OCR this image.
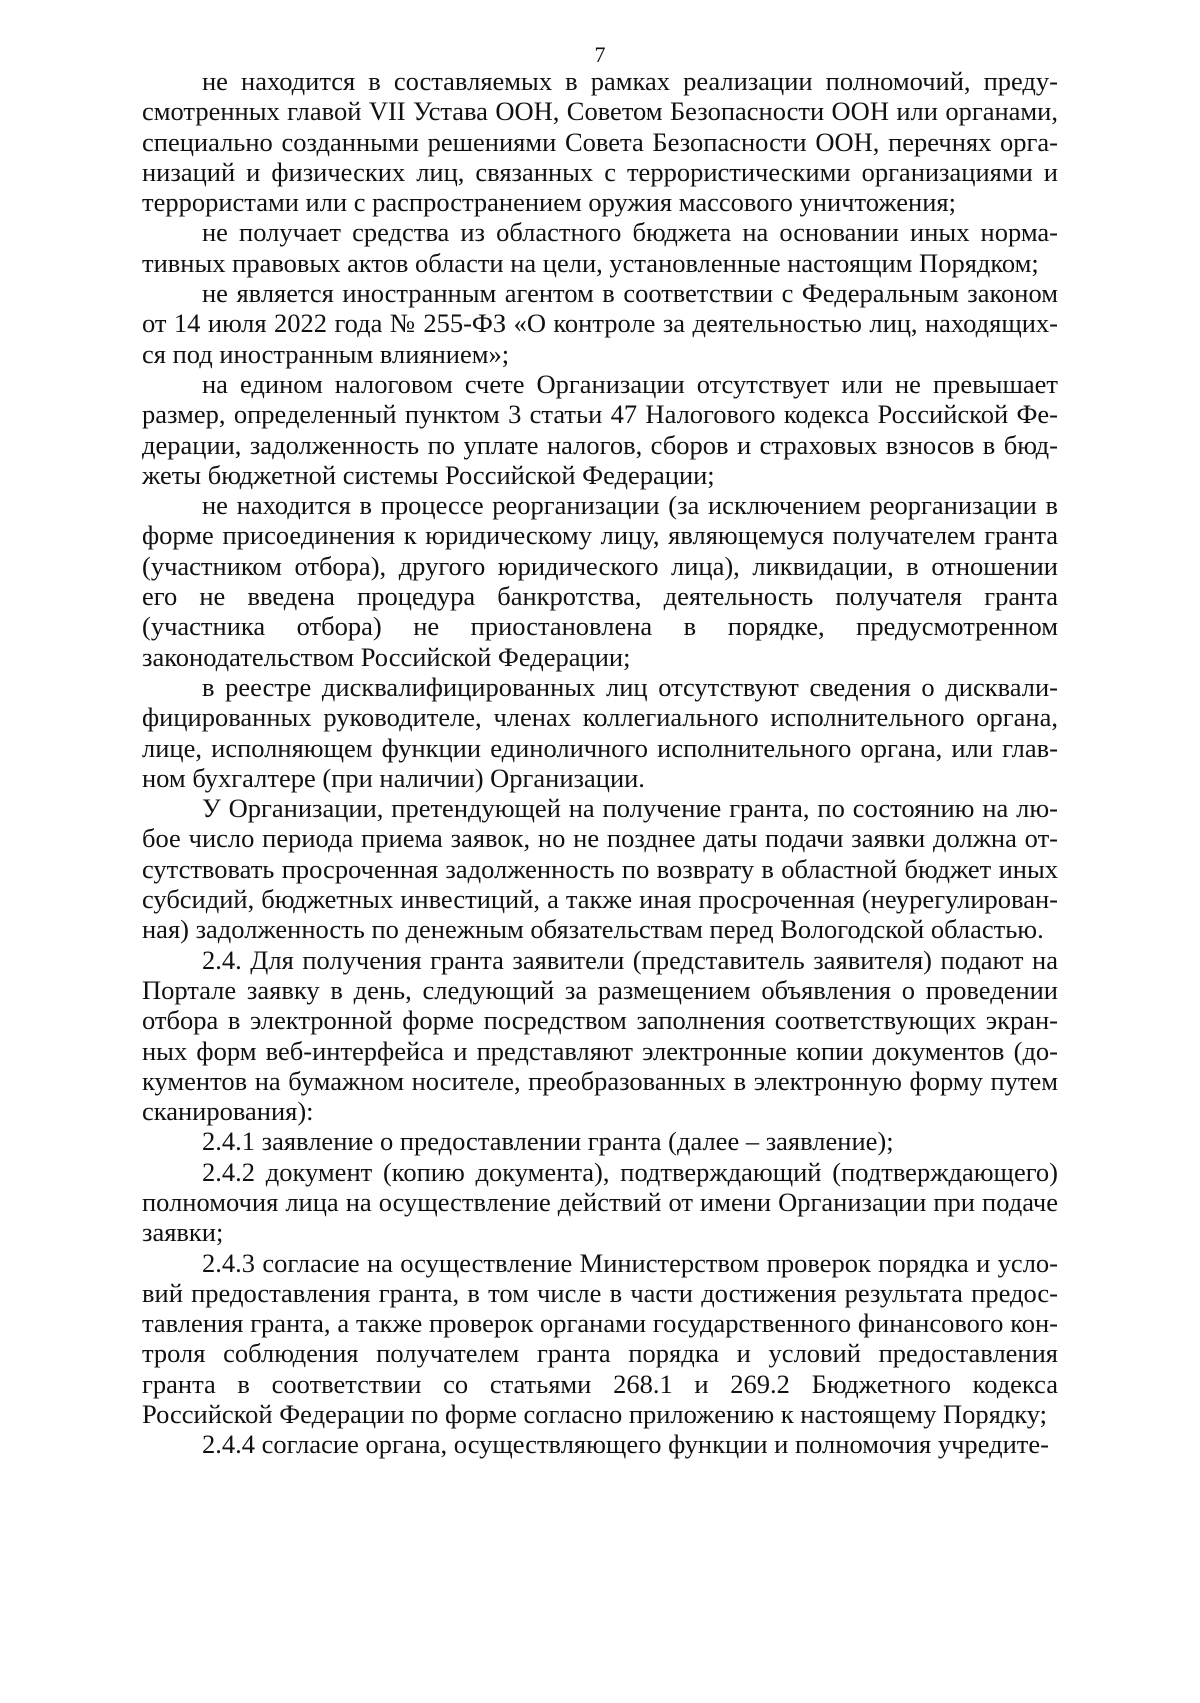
7

не находится в составляемых в рамках реализации полномочий, предусмотренных главой VII Устава ООН, Советом Безопасности ООН или органами, специально созданными решениями Совета Безопасности ООН, перечнях организаций и физических лиц, связанных с террористическими организациями и террористами или с распространением оружия массового уничтожения;

не получает средства из областного бюджета на основании иных нормативных правовых актов области на цели, установленные настоящим Порядком;

не является иностранным агентом в соответствии с Федеральным законом от 14 июля 2022 года № 255-ФЗ «О контроле за деятельностью лиц, находящихся под иностранным влиянием»;

на едином налоговом счете Организации отсутствует или не превышает размер, определенный пунктом 3 статьи 47 Налогового кодекса Российской Федерации, задолженность по уплате налогов, сборов и страховых взносов в бюджеты бюджетной системы Российской Федерации;

не находится в процессе реорганизации (за исключением реорганизации в форме присоединения к юридическому лицу, являющемуся получателем гранта (участником отбора), другого юридического лица), ликвидации, в отношении его не введена процедура банкротства, деятельность получателя гранта (участника отбора) не приостановлена в порядке, предусмотренном законодательством Российской Федерации;

в реестре дисквалифицированных лиц отсутствуют сведения о дисквалифицированных руководителе, членах коллегиального исполнительного органа, лице, исполняющем функции единоличного исполнительного органа, или главном бухгалтере (при наличии) Организации.

У Организации, претендующей на получение гранта, по состоянию на любое число периода приема заявок, но не позднее даты подачи заявки должна отсутствовать просроченная задолженность по возврату в областной бюджет иных субсидий, бюджетных инвестиций, а также иная просроченная (неурегулированная) задолженность по денежным обязательствам перед Вологодской областью.

2.4. Для получения гранта заявители (представитель заявителя) подают на Портале заявку в день, следующий за размещением объявления о проведении отбора в электронной форме посредством заполнения соответствующих экранных форм веб-интерфейса и представляют электронные копии документов (документов на бумажном носителе, преобразованных в электронную форму путем сканирования):

2.4.1 заявление о предоставлении гранта (далее – заявление);

2.4.2 документ (копию документа), подтверждающий (подтверждающего) полномочия лица на осуществление действий от имени Организации при подаче заявки;

2.4.3 согласие на осуществление Министерством проверок порядка и условий предоставления гранта, в том числе в части достижения результата предоставления гранта, а также проверок органами государственного финансового контроля соблюдения получателем гранта порядка и условий предоставления гранта в соответствии со статьями 268.1 и 269.2 Бюджетного кодекса Российской Федерации по форме согласно приложению к настоящему Порядку;

2.4.4 согласие органа, осуществляющего функции и полномочия учредите-
